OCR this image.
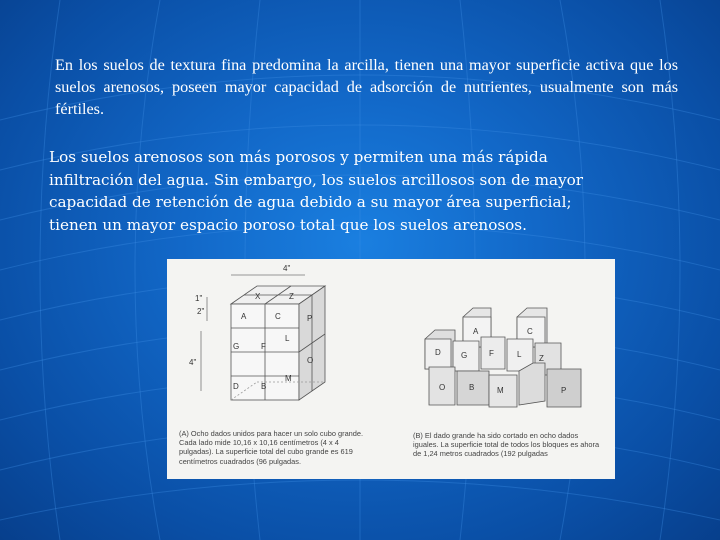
En los suelos de textura fina predomina la arcilla, tienen una mayor superficie activa que los suelos arenosos, poseen mayor capacidad de adsorción de nutrientes, usualmente son más fértiles.
Los suelos arenosos son más porosos y permiten una más rápida infiltración del agua. Sin embargo, los suelos arcillosos son de mayor capacidad de retención de agua debido a su mayor área superficial; tienen un mayor espacio poroso total que los suelos arenosos.
4"
1"
2"
4"
X	Z
A	C
G	F
P
L
O
D	B
M
A	C
D	G	F	L
O	B	M
Z
P
(A) Ocho dados unidos para hacer un solo cubo grande. Cada lado mide 10,16 x 10,16 centímetros (4 x 4 pulgadas). La superficie total del cubo grande es 619 centímetros cuadrados (96 pulgadas.
(B) El dado grande ha sido cortado en ocho dados iguales. La superficie total de todos los bloques es ahora de 1,24 metros cuadrados (192 pulgadas
